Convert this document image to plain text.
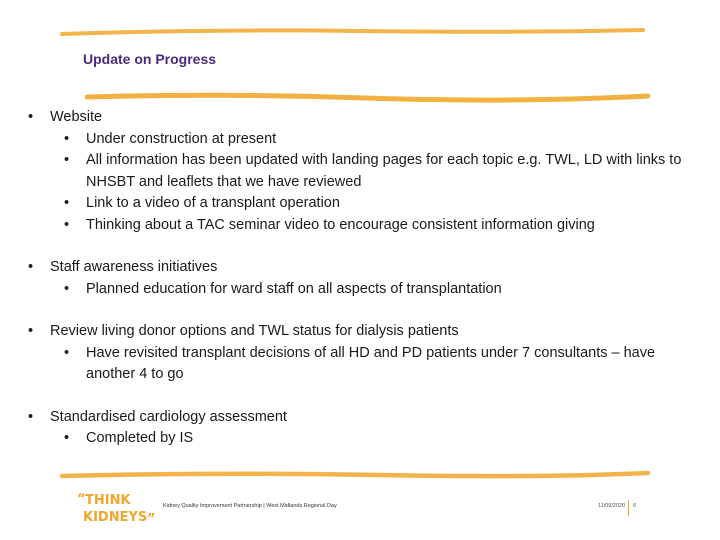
Update on Progress
• Website
• Under construction at present
• All information has been updated with landing pages for each topic e.g. TWL, LD with links to NHSBT and leaflets that we have reviewed
• Link to a video of a transplant operation
• Thinking about a TAC seminar video to encourage consistent information giving
• Staff awareness initiatives
• Planned education for ward staff on all aspects of transplantation
• Review living donor options and TWL status for dialysis patients
• Have revisited transplant decisions of all HD and PD patients under 7 consultants – have another 4 to go
• Standardised cardiology assessment
• Completed by IS
“ THINK
KIDNEYS ”
Kidney Quality Improvement Partnership | West Midlands Regional Day	11/09/2020 6
